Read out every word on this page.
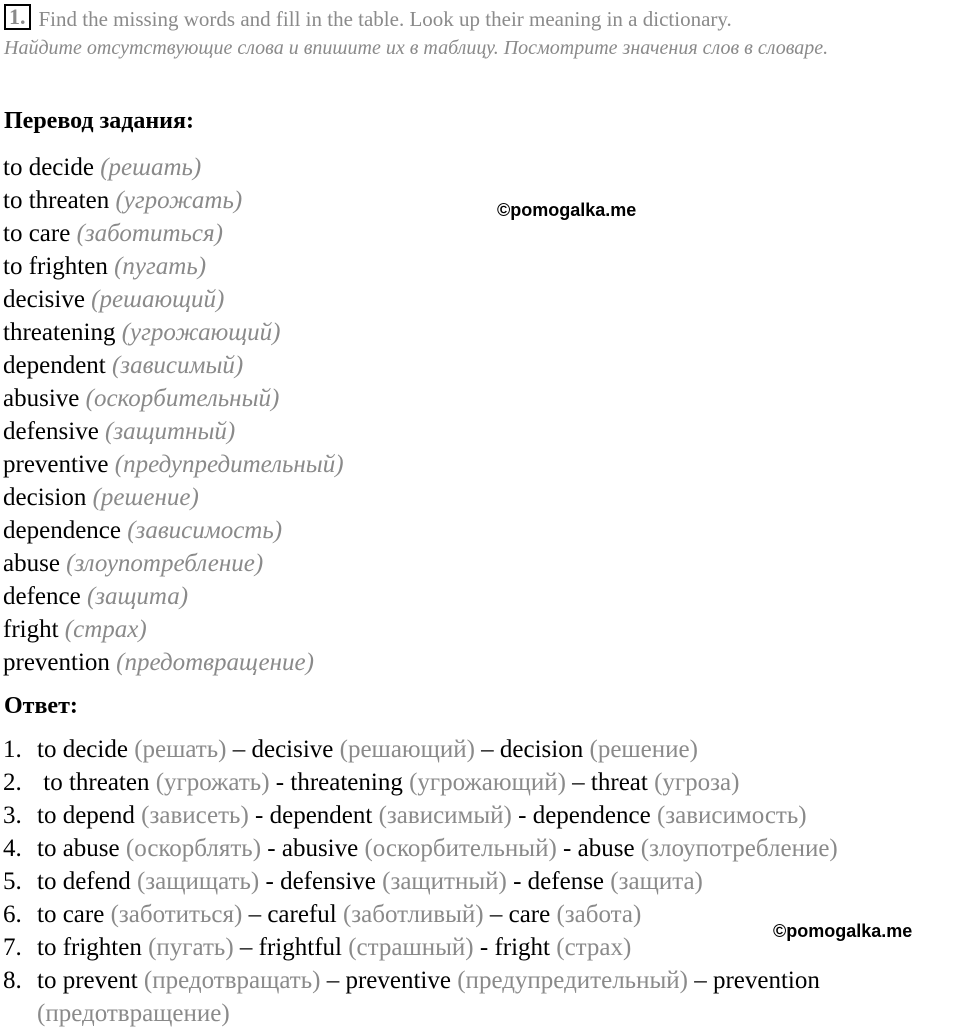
1. Find the missing words and fill in the table. Look up their meaning in a dictionary.
Найдите отсутствующие слова и впишите их в таблицу. Посмотрите значения слов в словаре.
Перевод задания:
to decide (решать)
to threaten (угрожать)
to care (заботиться)
to frighten (пугать)
decisive (решающий)
threatening (угрожающий)
dependent (зависимый)
abusive (оскорбительный)
defensive (защитный)
preventive (предупредительный)
decision (решение)
dependence (зависимость)
abuse (злоупотребление)
defence (защита)
fright (страх)
prevention (предотвращение)
©pomogalka.me
Ответ:
1. to decide (решать) – decisive (решающий) – decision (решение)
2. to threaten (угрожать) - threatening (угрожающий) – threat (угроза)
3. to depend (зависеть) - dependent (зависимый) - dependence (зависимость)
4. to abuse (оскорблять) - abusive (оскорбительный) - abuse (злоупотребление)
5. to defend (защищать) - defensive (защитный) - defense (защита)
6. to care (заботиться) – careful (заботливый) – care (забота)
7. to frighten (пугать) – frightful (страшный) - fright (страх)
8. to prevent (предотвращать) – preventive (предупредительный) – prevention
(предотвращение)
©pomogalka.me
